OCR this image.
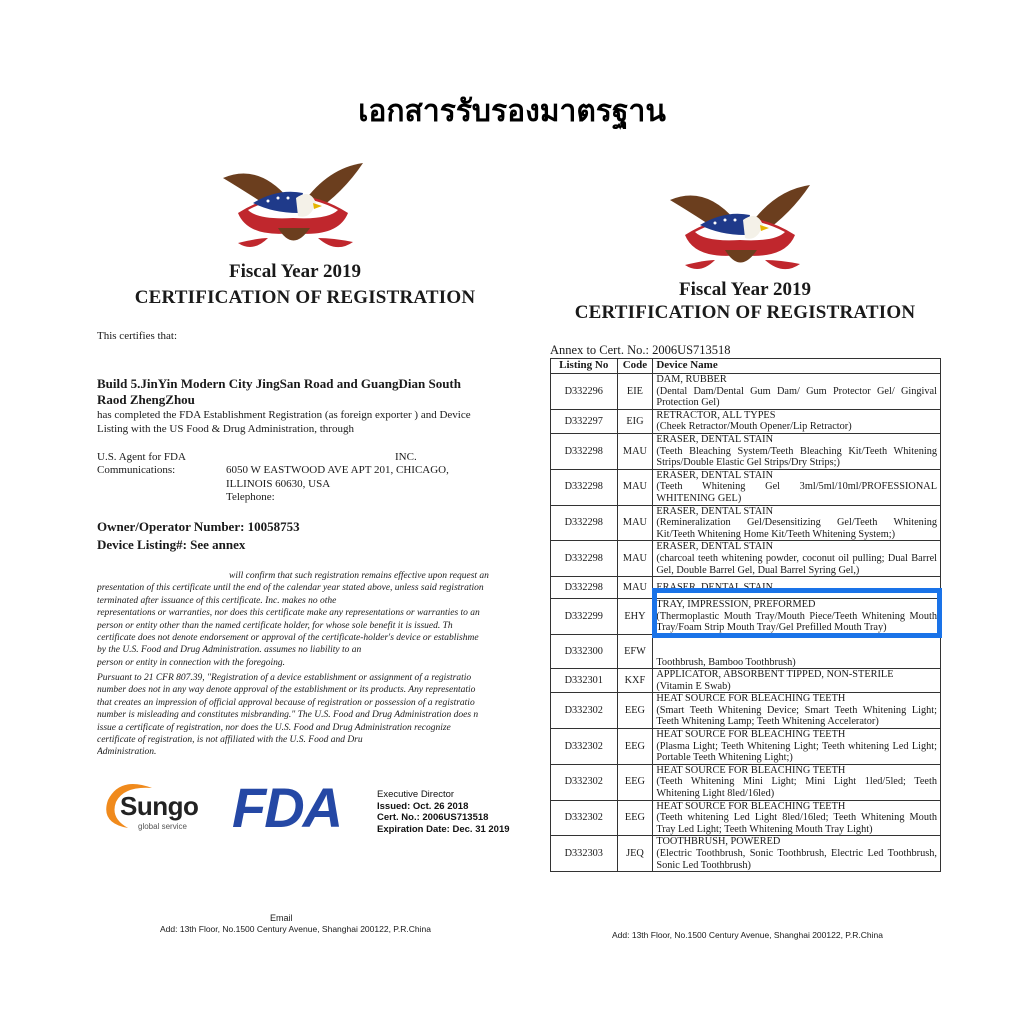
เอกสารรับรองมาตรฐาน
Fiscal Year 2019
CERTIFICATION OF REGISTRATION
This certifies that:
Build 5.JinYin Modern City JingSan Road and GuangDian South
Raod ZhengZhou
has completed the FDA Establishment Registration (as foreign exporter ) and Device
Listing with the US Food & Drug Administration, through
U.S. Agent for FDA	INC.
Communications:	6050 W EASTWOOD AVE APT 201, CHICAGO,
ILLINOIS 60630, USA
Telephone:
Owner/Operator Number: 10058753
Device Listing#: See annex
will confirm that such registration remains effective upon request an
presentation of this certificate until the end of the calendar year stated above, unless said registration
terminated after issuance of this certificate. Inc. makes no othe
representations or warranties, nor does this certificate make any representations or warranties to an
person or entity other than the named certificate holder, for whose sole benefit it is issued. Th
certificate does not denote endorsement or approval of the certificate-holder's device or establishme
by the U.S. Food and Drug Administration. assumes no liability to an
person or entity in connection with the foregoing.
Pursuant to 21 CFR 807.39, "Registration of a device establishment or assignment of a registratio
number does not in any way denote approval of the establishment or its products. Any representatio
that creates an impression of official approval because of registration or possession of a registratio
number is misleading and constitutes misbranding." The U.S. Food and Drug Administration does n
issue a certificate of registration, nor does the U.S. Food and Drug Administration recognize
certificate of registration, is not affiliated with the U.S. Food and Dru
Administration.
Sungo
global service FDA	Executive Director
Issued: Oct. 26 2018
Cert. No.: 2006US713518
Expiration Date: Dec. 31 2019
Email
Add: 13th Floor, No.1500 Century Avenue, Shanghai 200122, P.R.China
Fiscal Year 2019
CERTIFICATION OF REGISTRATION
Annex to Cert. No.: 2006US713518
Listing No	Code	Device Name
D332296	EIE	DAM, RUBBER
(Dental Dam/Dental Gum Dam/ Gum Protector Gel/ Gingival Protection Gel)

D332297	EIG	RETRACTOR, ALL TYPES
(Cheek Retractor/Mouth Opener/Lip Retractor)

D332298	MAU	ERASER, DENTAL STAIN
(Teeth Bleaching System/Teeth Bleaching Kit/Teeth Whitening Strips/Double Elastic Gel Strips/Dry Strips;)

D332298	MAU	ERASER, DENTAL STAIN
(Teeth Whitening Gel 3ml/5ml/10ml/PROFESSIONAL WHITENING GEL)

D332298	MAU	ERASER, DENTAL STAIN
(Remineralization Gel/Desensitizing Gel/Teeth Whitening Kit/Teeth Whitening Home Kit/Teeth Whitening System;)

D332298	MAU	ERASER, DENTAL STAIN
(charcoal teeth whitening powder, coconut oil pulling; Dual Barrel Gel, Double Barrel Gel, Dual Barrel Syring Gel,)

D332298	MAU	ERASER, DENTAL STAIN

D332299	EHY	TRAY, IMPRESSION, PREFORMED
(Thermoplastic Mouth Tray/Mouth Piece/Teeth Whitening Mouth Tray/Foam Strip Mouth Tray/Gel Prefilled Mouth Tray)

D332300	EFW	Toothbrush, Bamboo Toothbrush)

D332301	KXF	APPLICATOR, ABSORBENT TIPPED, NON-STERILE
(Vitamin E Swab)

D332302	EEG	HEAT SOURCE FOR BLEACHING TEETH
(Smart Teeth Whitening Device; Smart Teeth Whitening Light; Teeth Whitening Lamp; Teeth Whitening Accelerator)

D332302	EEG	HEAT SOURCE FOR BLEACHING TEETH
(Plasma Light; Teeth Whitening Light; Teeth whitening Led Light; Portable Teeth Whitening Light;)

D332302	EEG	HEAT SOURCE FOR BLEACHING TEETH
(Teeth Whitening Mini Light; Mini Light 1led/5led; Teeth Whitening Light 8led/16led)

D332302	EEG	HEAT SOURCE FOR BLEACHING TEETH
(Teeth whitening Led Light 8led/16led; Teeth Whitening Mouth Tray Led Light; Teeth Whitening Mouth Tray Light)

D332303	JEQ	TOOTHBRUSH, POWERED
(Electric Toothbrush, Sonic Toothbrush, Electric Led Toothbrush, Sonic Led Toothbrush)
Add: 13th Floor, No.1500 Century Avenue, Shanghai 200122, P.R.China
